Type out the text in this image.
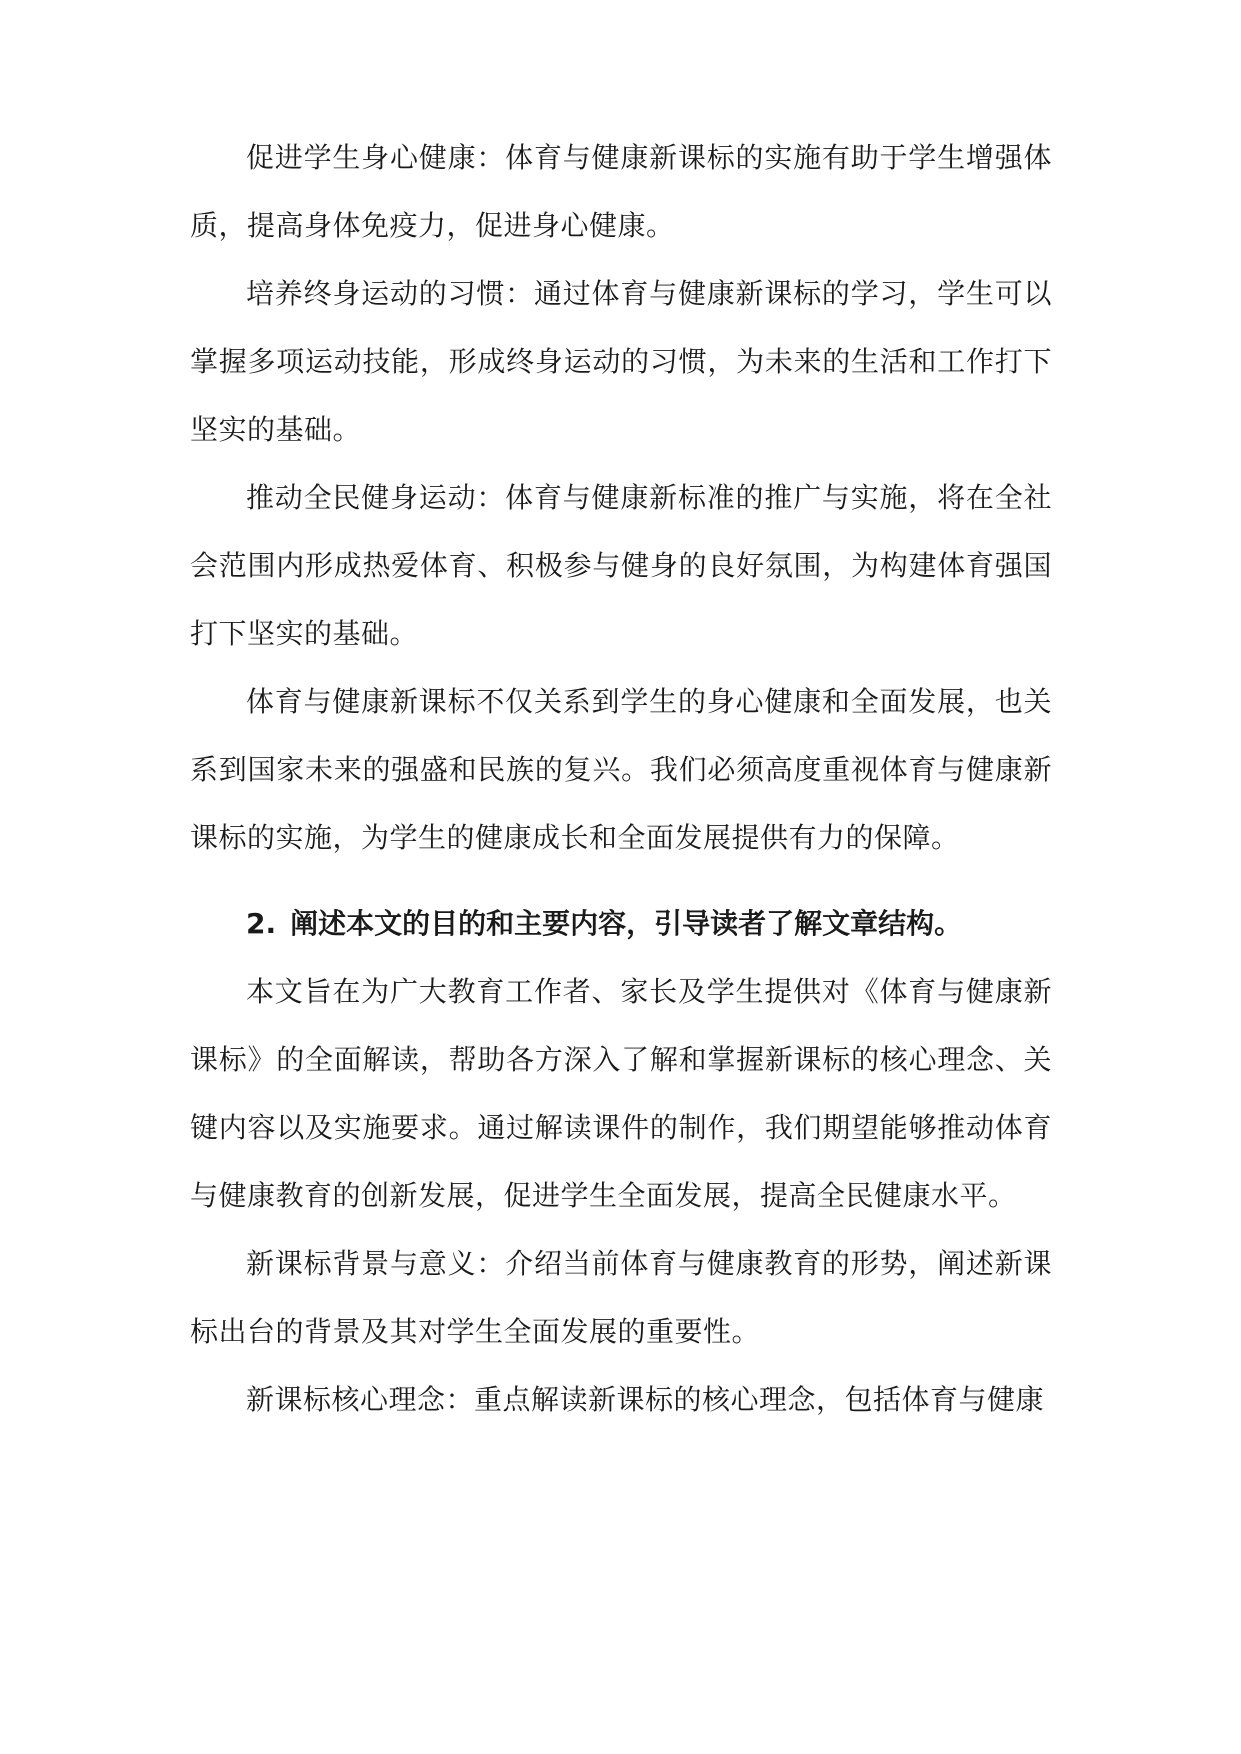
促进学生身心健康：体育与健康新课标的实施有助于学生增强体质，提高身体免疫力，促进身心健康。

培养终身运动的习惯：通过体育与健康新课标的学习，学生可以掌握多项运动技能，形成终身运动的习惯，为未来的生活和工作打下坚实的基础。

推动全民健身运动：体育与健康新标准的推广与实施，将在全社会范围内形成热爱体育、积极参与健身的良好氛围，为构建体育强国打下坚实的基础。

体育与健康新课标不仅关系到学生的身心健康和全面发展，也关系到国家未来的强盛和民族的复兴。我们必须高度重视体育与健康新课标的实施，为学生的健康成长和全面发展提供有力的保障。

2. 阐述本文的目的和主要内容，引导读者了解文章结构。

本文旨在为广大教育工作者、家长及学生提供对《体育与健康新课标》的全面解读，帮助各方深入了解和掌握新课标的核心理念、关键内容以及实施要求。通过解读课件的制作，我们期望能够推动体育与健康教育的创新发展，促进学生全面发展，提高全民健康水平。

新课标背景与意义：介绍当前体育与健康教育的形势，阐述新课标出台的背景及其对学生全面发展的重要性。

新课标核心理念：重点解读新课标的核心理念，包括体育与健康
